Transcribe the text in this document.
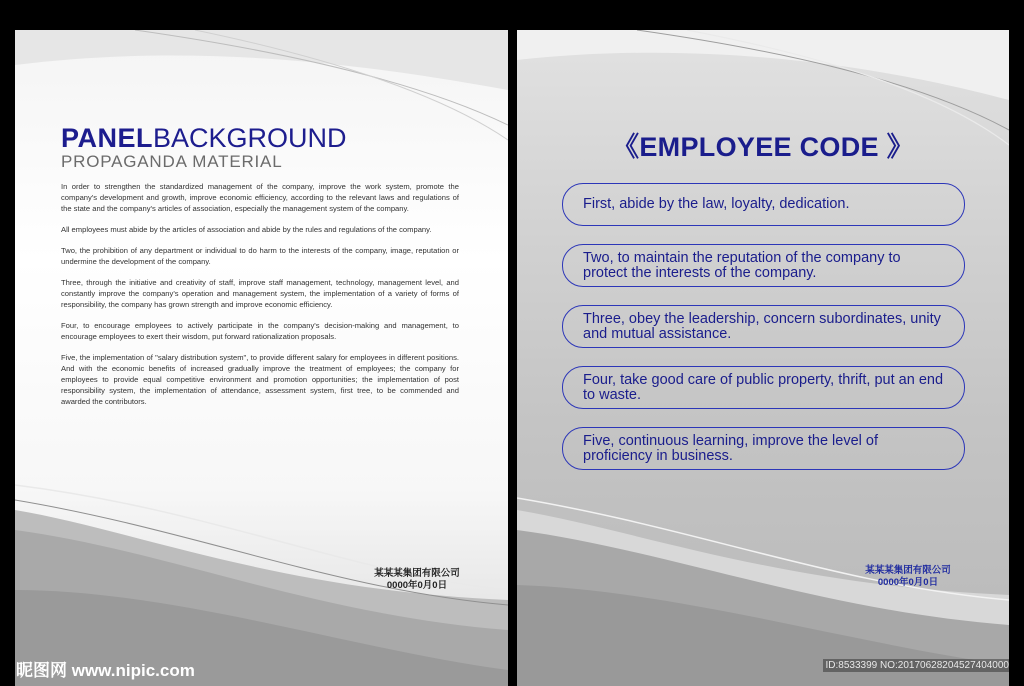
PANELBACKGROUND
PROPAGANDA MATERIAL

In order to strengthen the standardized management of the company, improve the work system, promote the company's development and growth, improve economic efficiency, according to the relevant laws and regulations of the state and the company's articles of association, especially the management system of the company.

All employees must abide by the articles of association and abide by the rules and regulations of the company.

Two, the prohibition of any department or individual to do harm to the interests of the company, image, reputation or undermine the development of the company.

Three, through the initiative and creativity of staff, improve staff management, technology, management level, and constantly improve the company's operation and management system, the implementation of a variety of forms of responsibility, the company has grown strength and improve economic efficiency.

Four, to encourage employees to actively participate in the company's decision-making and management, to encourage employees to exert their wisdom, put forward rationalization proposals.

Five, the implementation of "salary distribution system", to provide different salary for employees in different positions. And with the economic benefits of increased gradually improve the treatment of employees; the company for employees to provide equal competitive environment and promotion opportunities; the implementation of post responsibility system, the implementation of attendance, assessment system, first tree, to be commended and awarded the contributors.

某某某集团有限公司
0000年0月0日
《EMPLOYEE CODE 》
First, abide by the law, loyalty, dedication.
Two, to maintain the reputation of the company to protect the interests of the company.
Three, obey the leadership, concern subordinates, unity and mutual assistance.
Four, take good care of public property, thrift, put an end to waste.
Five, continuous learning, improve the level of proficiency in business.
某某某集团有限公司
0000年0月0日
昵图网 www.nipic.com	ID:8533399 NO:20170628204527404000
